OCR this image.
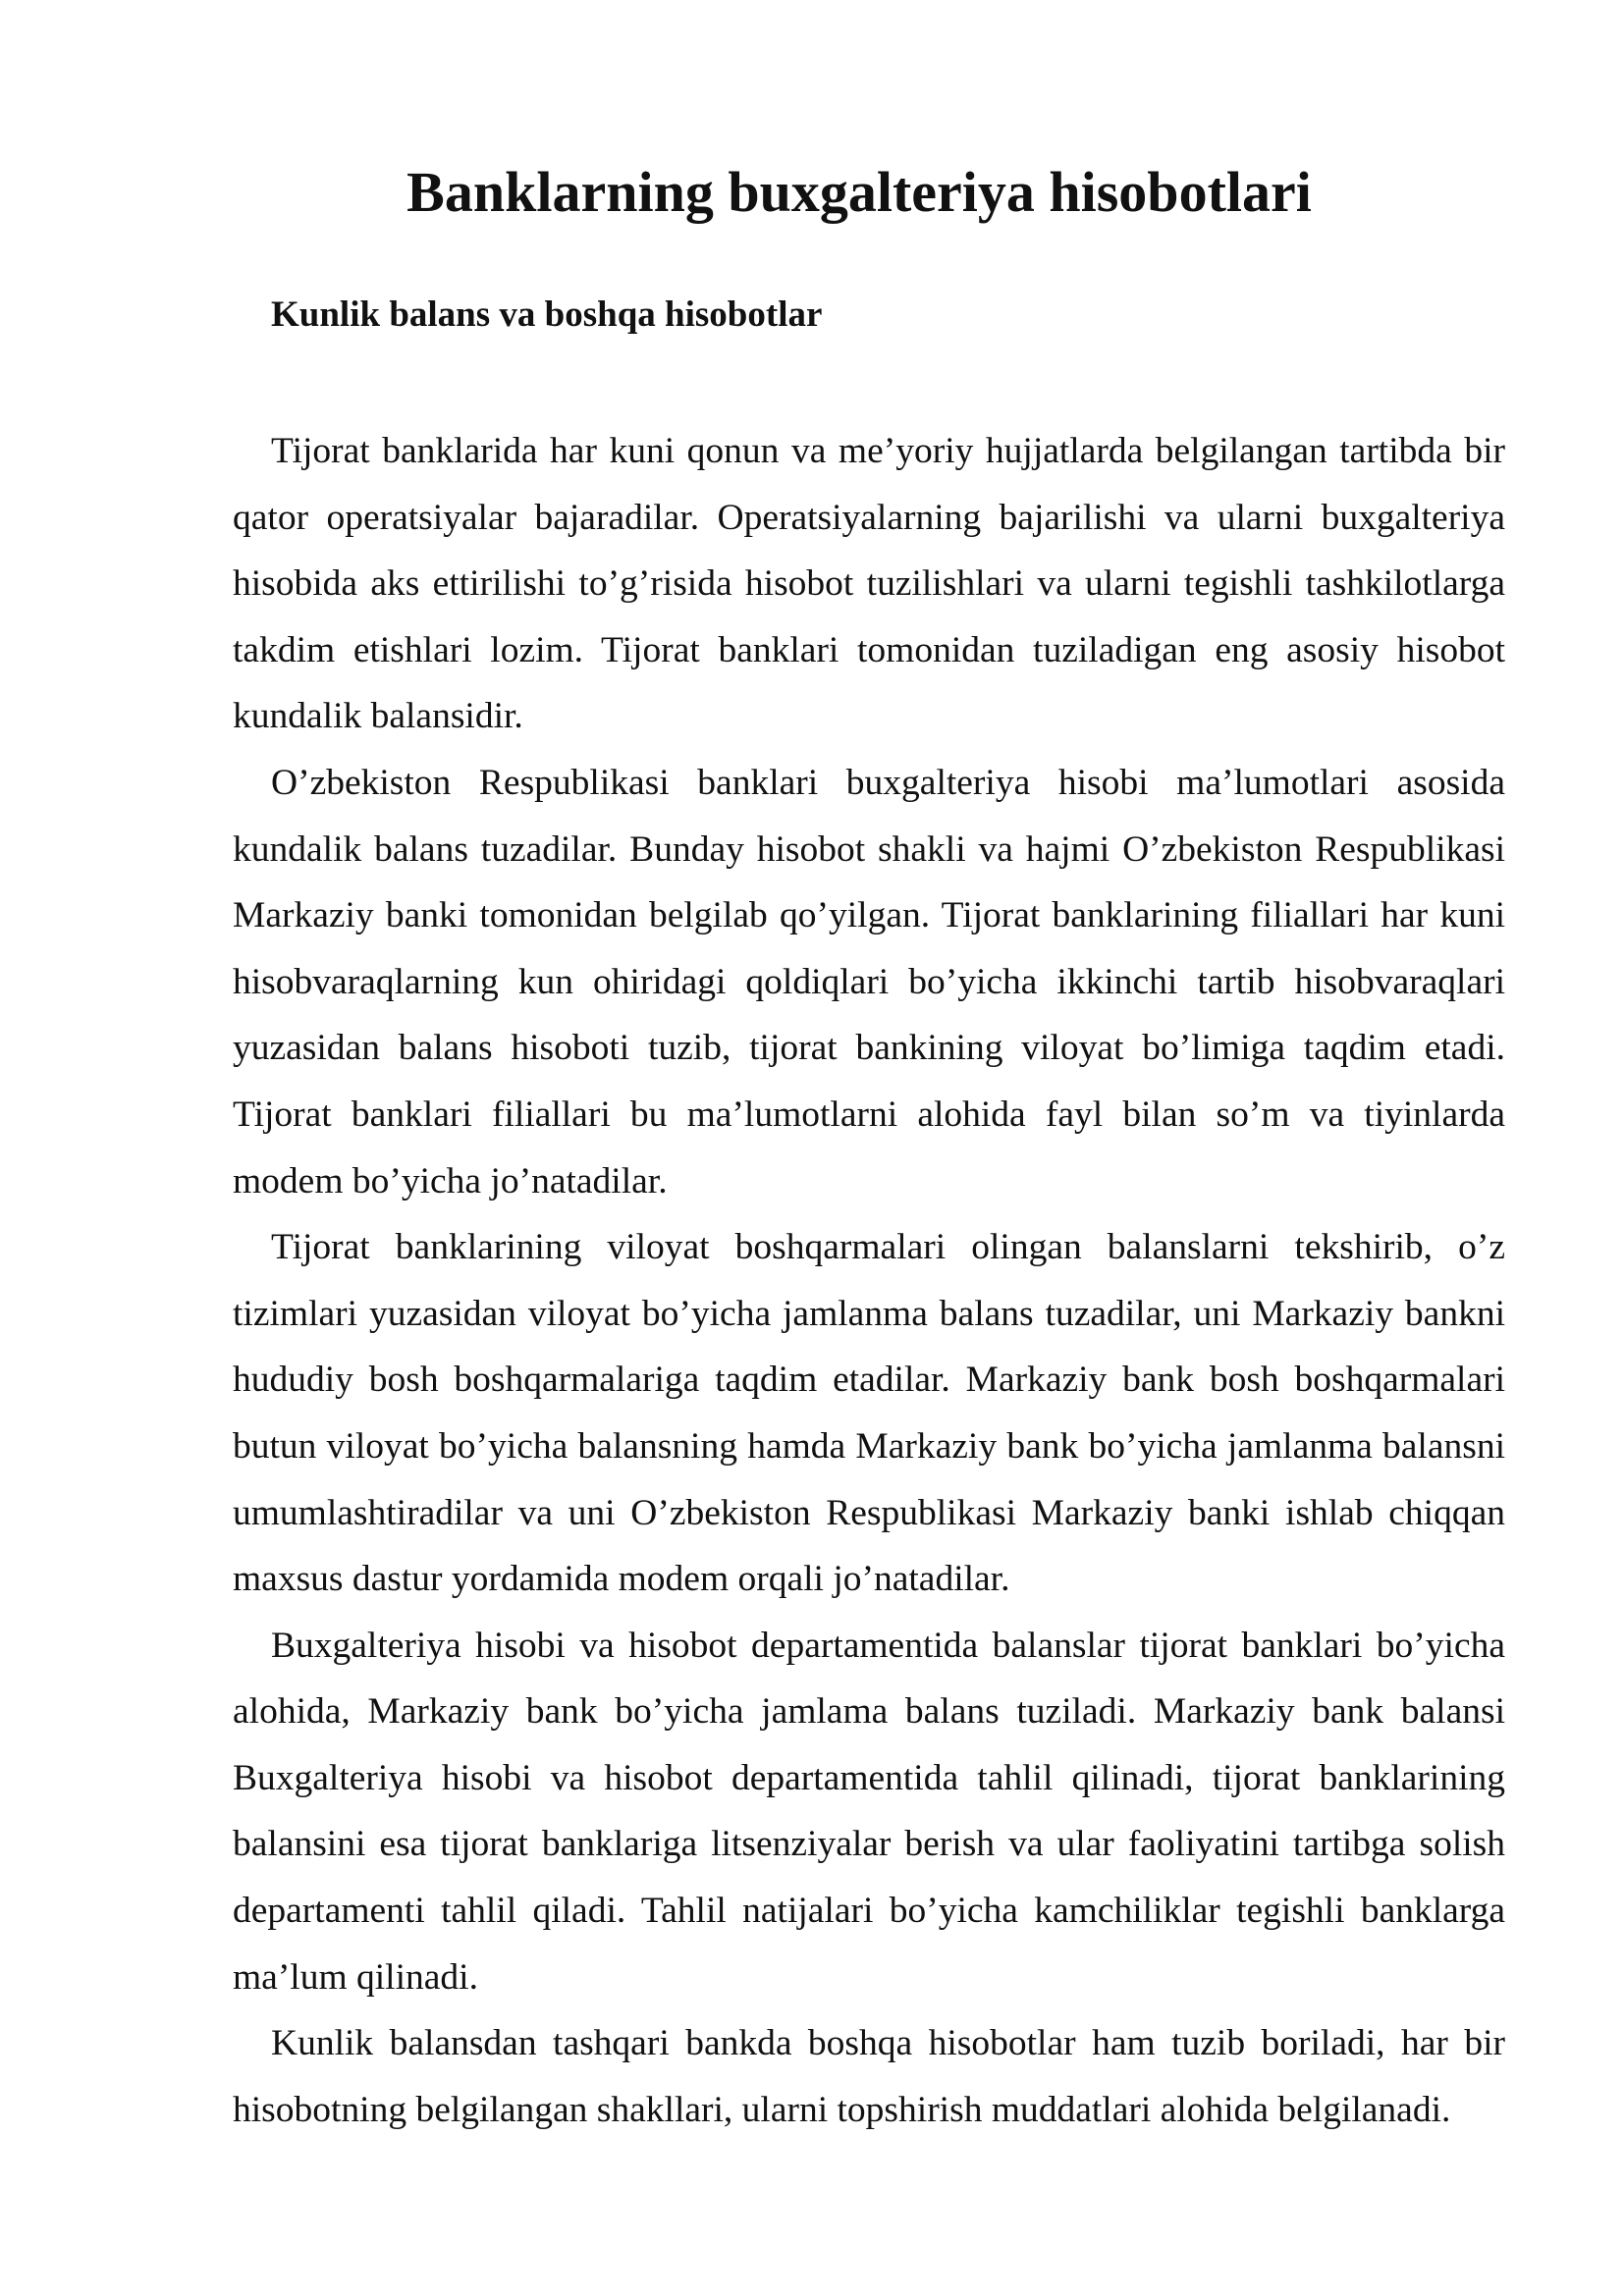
Banklarning buxgalteriya hisobotlari
Kunlik balans va boshqa hisobotlar

Tijorat banklarida har kuni qonun va me’yoriy hujjatlarda belgilangan tartibda bir qator operatsiyalar bajaradilar. Operatsiyalarning bajarilishi va ularni buxgalteriya hisobida aks ettirilishi to’g’risida hisobot tuzilishlari va ularni tegishli tashkilotlarga takdim etishlari lozim. Tijorat banklari tomonidan tuziladigan eng asosiy hisobot kundalik balansidir.

O’zbekiston Respublikasi banklari buxgalteriya hisobi ma’lumotlari asosida kundalik balans tuzadilar. Bunday hisobot shakli va hajmi O’zbekiston Respublikasi Markaziy banki tomonidan belgilab qo’yilgan. Tijorat banklarining filiallari har kuni hisobvaraqlarning kun ohiridagi qoldiqlari bo’yicha ikkinchi tartib hisobvaraqlari yuzasidan balans hisoboti tuzib, tijorat bankining viloyat bo’limiga taqdim etadi. Tijorat banklari filiallari bu ma’lumotlarni alohida fayl bilan so’m va tiyinlarda modem bo’yicha jo’natadilar.

Tijorat banklarining viloyat boshqarmalari olingan balanslarni tekshirib, o’z tizimlari yuzasidan viloyat bo’yicha jamlanma balans tuzadilar, uni Markaziy bankni hududiy bosh boshqarmalariga taqdim etadilar. Markaziy bank bosh boshqarmalari butun viloyat bo’yicha balansning hamda Markaziy bank bo’yicha jamlanma balansni umumlashtiradilar va uni O’zbekiston Respublikasi Markaziy banki ishlab chiqqan maxsus dastur yordamida modem orqali jo’natadilar.

Buxgalteriya hisobi va hisobot departamentida balanslar tijorat banklari bo’yicha alohida, Markaziy bank bo’yicha jamlama balans tuziladi. Markaziy bank balansi Buxgalteriya hisobi va hisobot departamentida tahlil qilinadi, tijorat banklarining balansini esa tijorat banklariga litsenziyalar berish va ular faoliyatini tartibga solish departamenti tahlil qiladi. Tahlil natijalari bo’yicha kamchiliklar tegishli banklarga ma’lum qilinadi.

Kunlik balansdan tashqari bankda boshqa hisobotlar ham tuzib boriladi, har bir hisobotning belgilangan shakllari, ularni topshirish muddatlari alohida belgilanadi.
